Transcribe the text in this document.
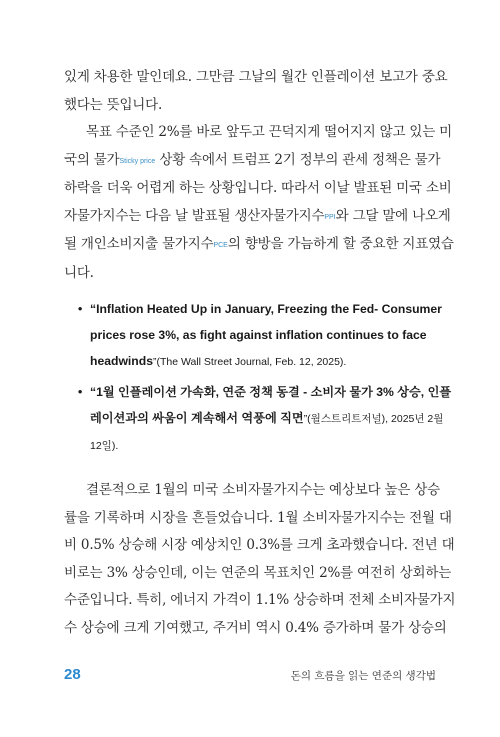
있게 차용한 말인데요. 그만큼 그날의 월간 인플레이션 보고가 중요
했다는 뜻입니다.
목표 수준인 2%를 바로 앞두고 끈덕지게 떨어지지 않고 있는 미
국의 물가Sticky price 상황 속에서 트럼프 2기 정부의 관세 정책은 물가
하락을 더욱 어렵게 하는 상황입니다. 따라서 이날 발표된 미국 소비
자물가지수는 다음 날 발표될 생산자물가지수PPI와 그달 말에 나오게
될 개인소비지출 물가지수PCE의 향방을 가늠하게 할 중요한 지표였습
니다.
• “Inflation Heated Up in January, Freezing the Fed- Consumer
prices rose 3%, as fight against inflation continues to face
headwinds”(The Wall Street Journal, Feb. 12, 2025).
• “1월 인플레이션 가속화, 연준 정책 동결 - 소비자 물가 3% 상승, 인플
레이션과의 싸움이 계속해서 역풍에 직면”(월스트리트저널), 2025년 2월
12일).
결론적으로 1월의 미국 소비자물가지수는 예상보다 높은 상승
률을 기록하며 시장을 흔들었습니다. 1월 소비자물가지수는 전월 대
비 0.5% 상승해 시장 예상치인 0.3%를 크게 초과했습니다. 전년 대
비로는 3% 상승인데, 이는 연준의 목표치인 2%를 여전히 상회하는
수준입니다. 특히, 에너지 가격이 1.1% 상승하며 전체 소비자물가지
수 상승에 크게 기여했고, 주거비 역시 0.4% 증가하며 물가 상승의
28	돈의 흐름을 읽는 연준의 생각법
